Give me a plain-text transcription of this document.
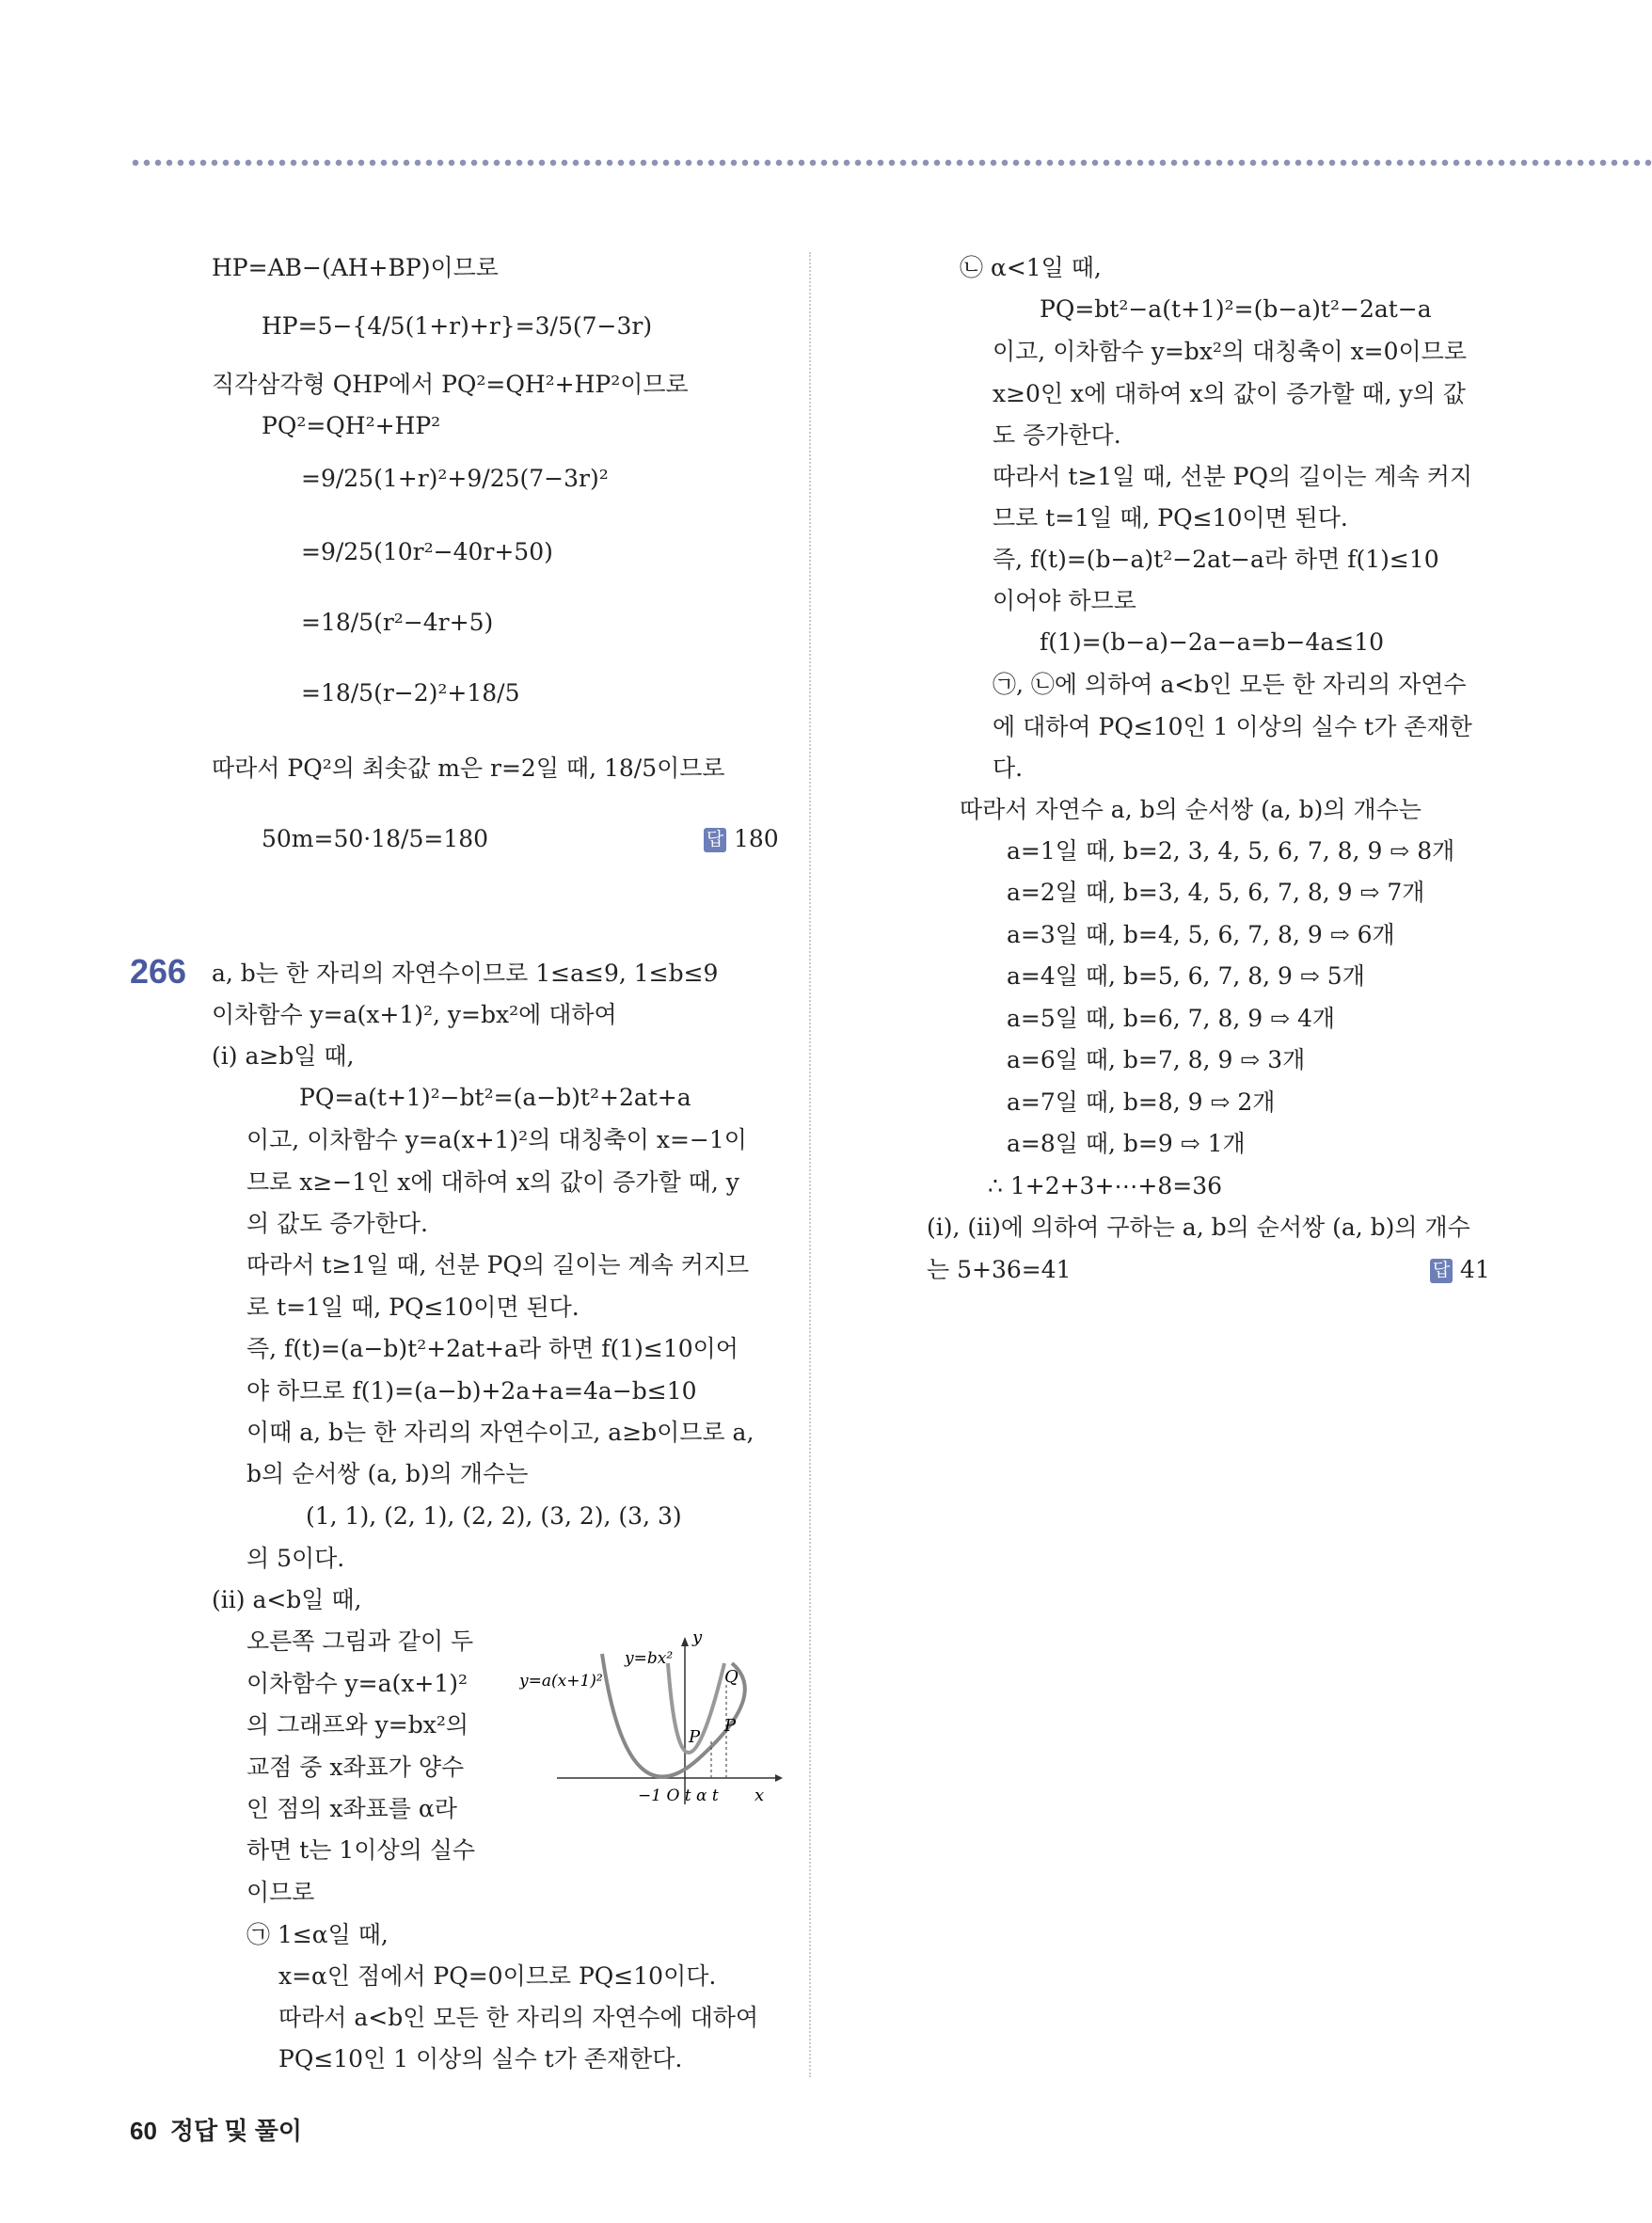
HP=AB−(AH+BP)이므로
HP=5−{4/5(1+r)+r}=3/5(7−3r)
직각삼각형 QHP에서 PQ²=QH²+HP²이므로
PQ²=QH²+HP²
=9/25(1+r)²+9/25(7−3r)²
=9/25(10r²−40r+50)
=18/5(r²−4r+5)
=18/5(r−2)²+18/5
따라서 PQ²의 최솟값 m은 r=2일 때, 18/5이므로
50m=50·18/5=180	답 180
266 a, b는 한 자리의 자연수이므로 1≤a≤9, 1≤b≤9
이차함수 y=a(x+1)², y=bx²에 대하여
(ⅰ) a≥b일 때,
PQ=a(t+1)²−bt²=(a−b)t²+2at+a
이고, 이차함수 y=a(x+1)²의 대칭축이 x=−1이
므로 x≥−1인 x에 대하여 x의 값이 증가할 때, y
의 값도 증가한다.
따라서 t≥1일 때, 선분 PQ의 길이는 계속 커지므
로 t=1일 때, PQ≤10이면 된다.
즉, f(t)=(a−b)t²+2at+a라 하면 f(1)≤10이어
야 하므로 f(1)=(a−b)+2a+a=4a−b≤10
이때 a, b는 한 자리의 자연수이고, a≥b이므로 a,
b의 순서쌍 (a, b)의 개수는
(1, 1), (2, 1), (2, 2), (3, 2), (3, 3)
의 5이다.
(ⅱ) a<b일 때,
오른쪽 그림과 같이 두
이차함수 y=a(x+1)²
의 그래프와 y=bx²의
교점 중 x좌표가 양수
인 점의 x좌표를 α라
하면 t는 1이상의 실수
이므로
㉠ 1≤α일 때,
x=α인 점에서 PQ=0이므로 PQ≤10이다.
따라서 a<b인 모든 한 자리의 자연수에 대하여
PQ≤10인 1 이상의 실수 t가 존재한다.
y=a(x+1)²
y=bx²
y
x
Q
P
P
−1 O t α t
㉡ α<1일 때,
PQ=bt²−a(t+1)²=(b−a)t²−2at−a
이고, 이차함수 y=bx²의 대칭축이 x=0이므로
x≥0인 x에 대하여 x의 값이 증가할 때, y의 값
도 증가한다.
따라서 t≥1일 때, 선분 PQ의 길이는 계속 커지
므로 t=1일 때, PQ≤10이면 된다.
즉, f(t)=(b−a)t²−2at−a라 하면 f(1)≤10
이어야 하므로
f(1)=(b−a)−2a−a=b−4a≤10
㉠, ㉡에 의하여 a<b인 모든 한 자리의 자연수
에 대하여 PQ≤10인 1 이상의 실수 t가 존재한
다.
따라서 자연수 a, b의 순서쌍 (a, b)의 개수는
a=1일 때, b=2, 3, 4, 5, 6, 7, 8, 9 ⇨ 8개
a=2일 때, b=3, 4, 5, 6, 7, 8, 9 ⇨ 7개
a=3일 때, b=4, 5, 6, 7, 8, 9 ⇨ 6개
a=4일 때, b=5, 6, 7, 8, 9 ⇨ 5개
a=5일 때, b=6, 7, 8, 9 ⇨ 4개
a=6일 때, b=7, 8, 9 ⇨ 3개
a=7일 때, b=8, 9 ⇨ 2개
a=8일 때, b=9 ⇨ 1개
∴ 1+2+3+⋯+8=36
(ⅰ), (ⅱ)에 의하여 구하는 a, b의 순서쌍 (a, b)의 개수
는 5+36=41	답 41
60 정답 및 풀이
